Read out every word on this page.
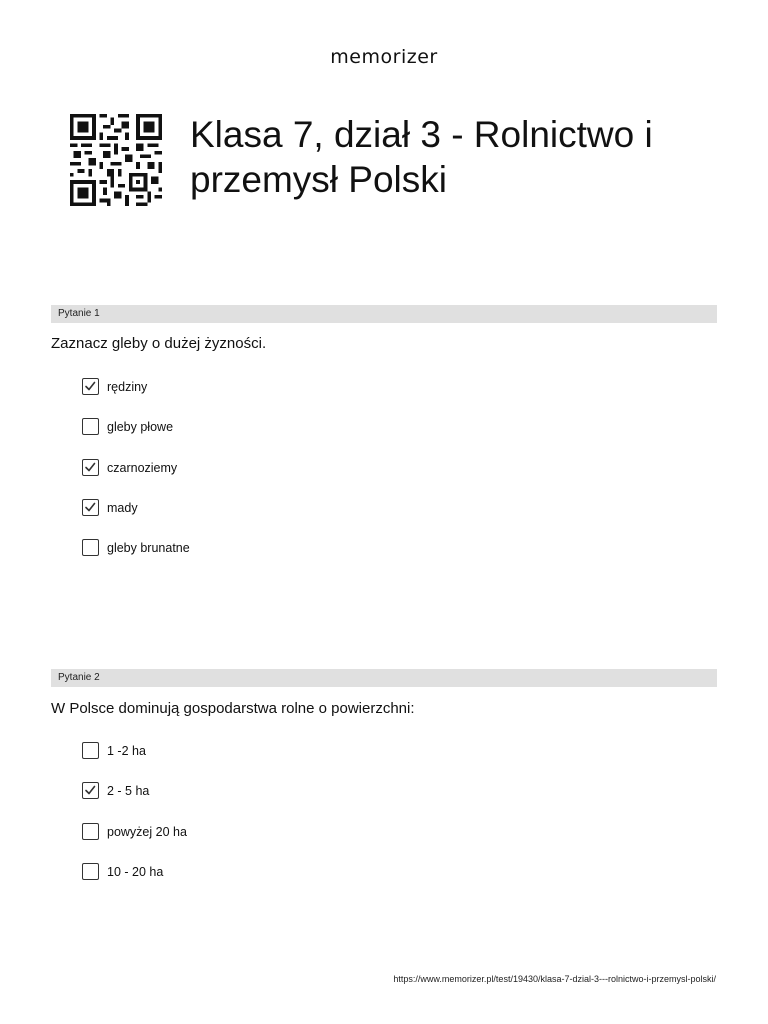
memorizer
Klasa 7, dział 3 - Rolnictwo i przemysł Polski
Pytanie 1
Zaznacz gleby o dużej żyzności.
rędziny
gleby płowe
czarnoziemy
mady
gleby brunatne
Pytanie 2
W Polsce dominują gospodarstwa rolne o powierzchni:
1 -2 ha
2 - 5 ha
powyżej 20 ha
10 - 20 ha
https://www.memorizer.pl/test/19430/klasa-7-dzial-3---rolnictwo-i-przemysl-polski/
